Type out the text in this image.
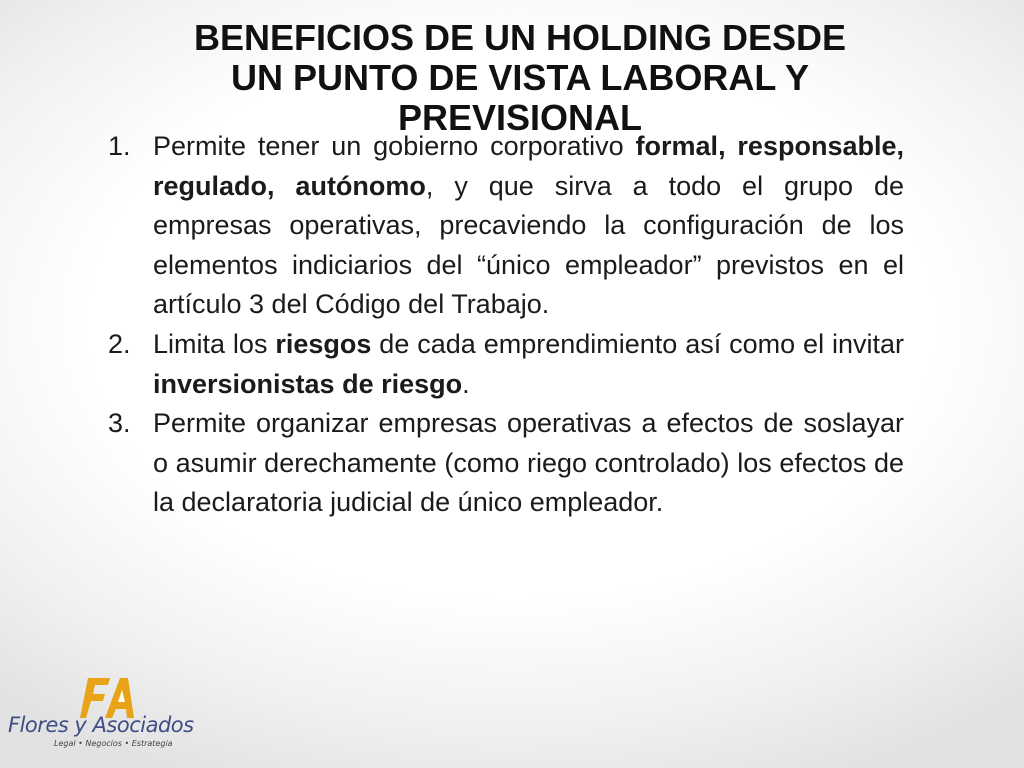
BENEFICIOS DE UN HOLDING DESDE
UN PUNTO DE VISTA LABORAL Y
PREVISIONAL
1. Permite tener un gobierno corporativo formal, responsable, regulado, autónomo, y que sirva a todo el grupo de empresas operativas, precaviendo la configuración de los elementos indiciarios del “único empleador” previstos en el artículo 3 del Código del Trabajo.
2. Limita los riesgos de cada emprendimiento así como el invitar inversionistas de riesgo.
3. Permite organizar empresas operativas a efectos de soslayar o asumir derechamente (como riego controlado) los efectos de la declaratoria judicial de único empleador.
Flores y Asociados
Legal • Negocios • Estrategia
